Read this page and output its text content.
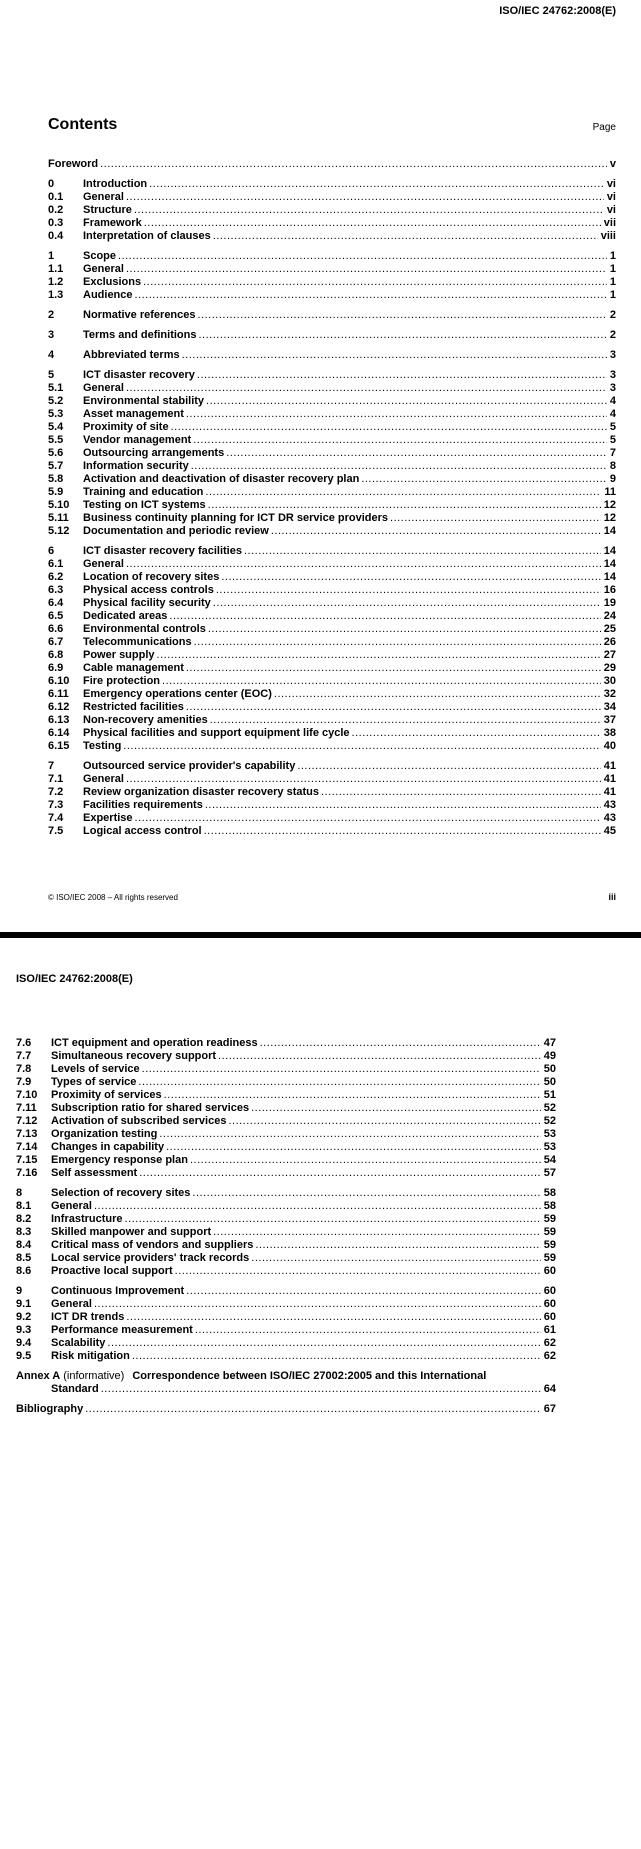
ISO/IEC 24762:2008(E)
Contents	Page
Foreword .....	v
0	Introduction .....	vi
0.1	General .....	vi
0.2	Structure .....	vi
0.3	Framework .....	vii
0.4	Interpretation of clauses .....	viii
1	Scope .....	1
1.1	General .....	1
1.2	Exclusions .....	1
1.3	Audience .....	1
2	Normative references .....	2
3	Terms and definitions .....	2
4	Abbreviated terms .....	3
5	ICT disaster recovery .....	3
5.1	General .....	3
5.2	Environmental stability .....	4
5.3	Asset management .....	4
5.4	Proximity of site .....	5
5.5	Vendor management .....	5
5.6	Outsourcing arrangements .....	7
5.7	Information security .....	8
5.8	Activation and deactivation of disaster recovery plan .....	9
5.9	Training and education .....	11
5.10	Testing on ICT systems .....	12
5.11	Business continuity planning for ICT DR service providers .....	12
5.12	Documentation and periodic review .....	14
6	ICT disaster recovery facilities .....	14
6.1	General .....	14
6.2	Location of recovery sites .....	14
6.3	Physical access controls .....	16
6.4	Physical facility security .....	19
6.5	Dedicated areas .....	24
6.6	Environmental controls .....	25
6.7	Telecommunications .....	26
6.8	Power supply .....	27
6.9	Cable management .....	29
6.10	Fire protection .....	30
6.11	Emergency operations center (EOC) .....	32
6.12	Restricted facilities .....	34
6.13	Non-recovery amenities .....	37
6.14	Physical facilities and support equipment life cycle .....	38
6.15	Testing .....	40
7	Outsourced service provider's capability .....	41
7.1	General .....	41
7.2	Review organization disaster recovery status .....	41
7.3	Facilities requirements .....	43
7.4	Expertise .....	43
7.5	Logical access control .....	45
© ISO/IEC 2008 – All rights reserved	iii
ISO/IEC 24762:2008(E)
7.6	ICT equipment and operation readiness .....	47
7.7	Simultaneous recovery support .....	49
7.8	Levels of service .....	50
7.9	Types of service .....	50
7.10	Proximity of services .....	51
7.11	Subscription ratio for shared services .....	52
7.12	Activation of subscribed services .....	52
7.13	Organization testing .....	53
7.14	Changes in capability .....	53
7.15	Emergency response plan .....	54
7.16	Self assessment .....	57
8	Selection of recovery sites .....	58
8.1	General .....	58
8.2	Infrastructure .....	59
8.3	Skilled manpower and support .....	59
8.4	Critical mass of vendors and suppliers .....	59
8.5	Local service providers' track records .....	59
8.6	Proactive local support .....	60
9	Continuous Improvement .....	60
9.1	General .....	60
9.2	ICT DR trends .....	60
9.3	Performance measurement .....	61
9.4	Scalability .....	62
9.5	Risk mitigation .....	62
Annex A (informative) Correspondence between ISO/IEC 27002:2005 and this International
Standard .....	64
Bibliography .....	67
